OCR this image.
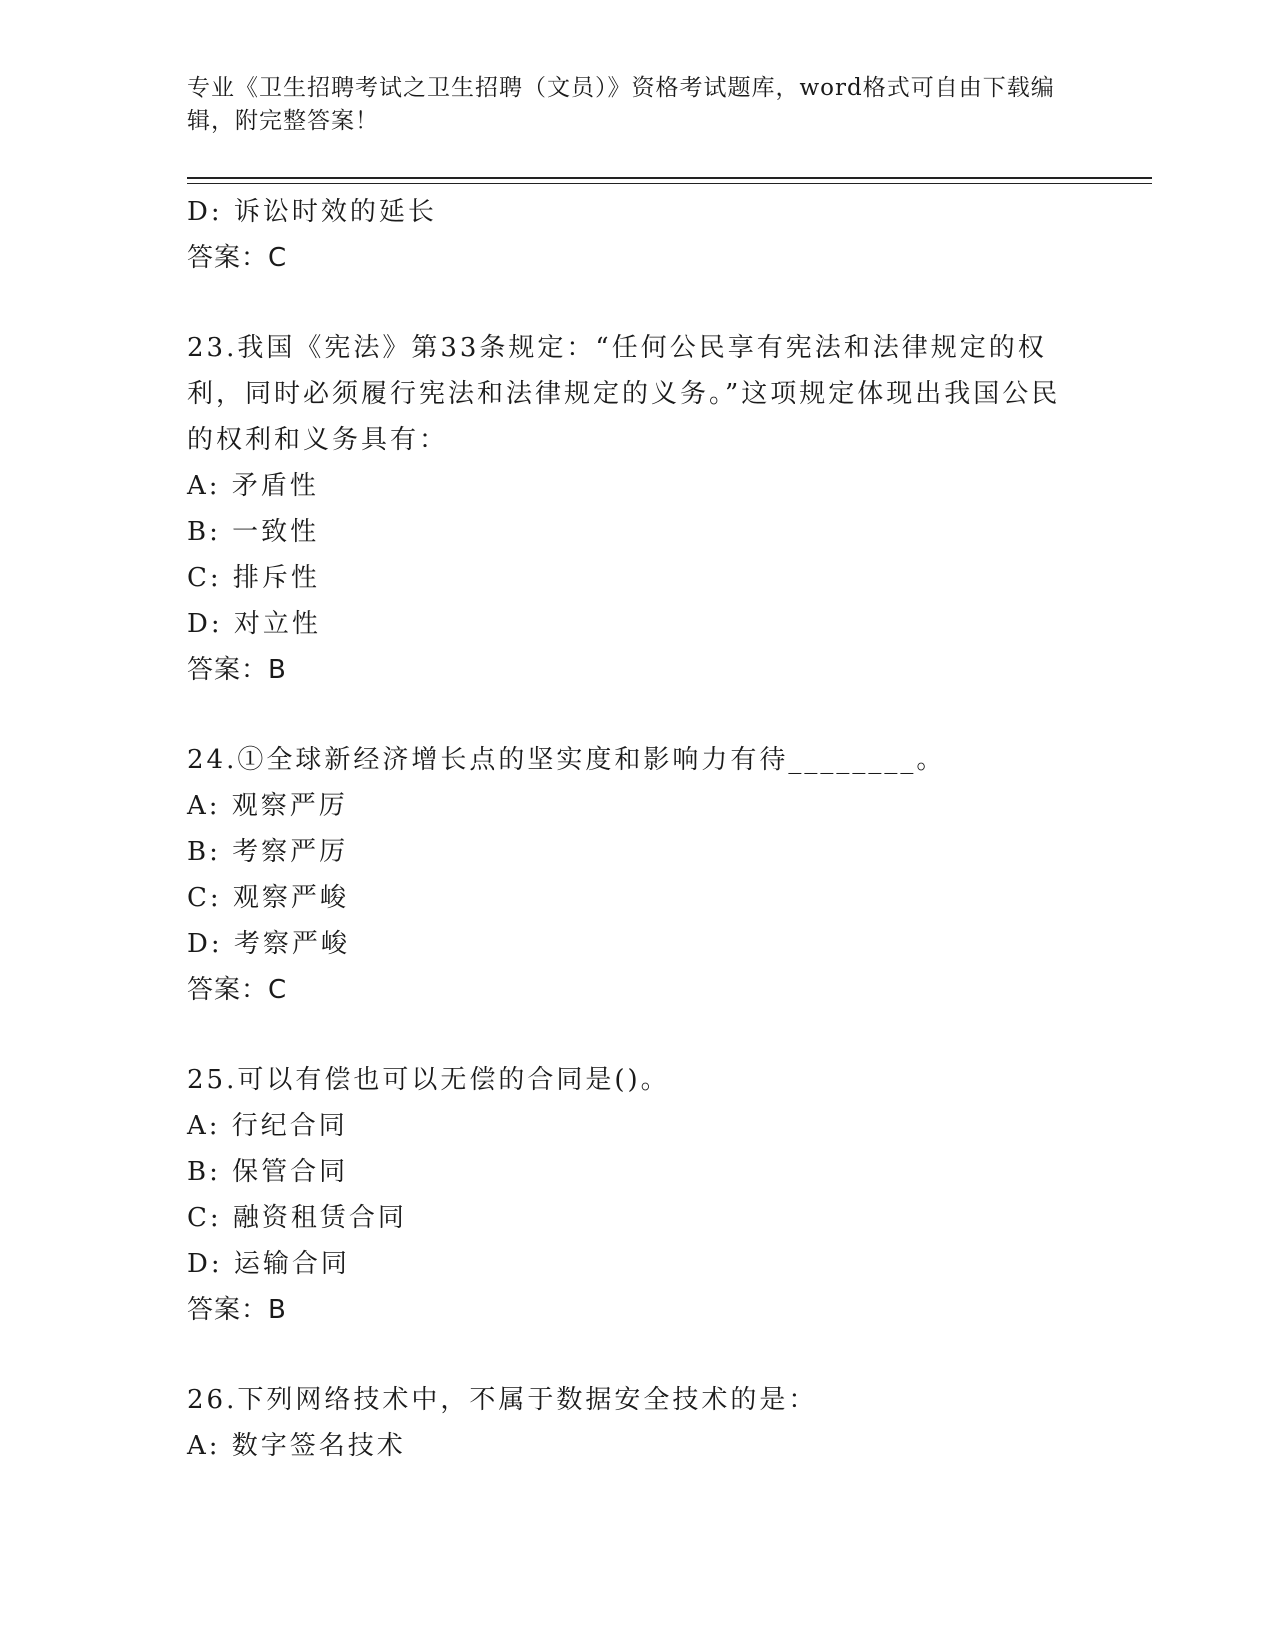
专业《卫生招聘考试之卫生招聘（文员）》资格考试题库，word格式可自由下载编辑，附完整答案！
D: 诉讼时效的延长
答案：C
23.我国《宪法》第33条规定：“任何公民享有宪法和法律规定的权利，同时必须履行宪法和法律规定的义务。”这项规定体现出我国公民的权利和义务具有：
A: 矛盾性
B: 一致性
C: 排斥性
D: 对立性
答案：B
24.①全球新经济增长点的坚实度和影响力有待________。
A: 观察严厉
B: 考察严厉
C: 观察严峻
D: 考察严峻
答案：C
25.可以有偿也可以无偿的合同是()。
A: 行纪合同
B: 保管合同
C: 融资租赁合同
D: 运输合同
答案：B
26.下列网络技术中，不属于数据安全技术的是：
A: 数字签名技术
